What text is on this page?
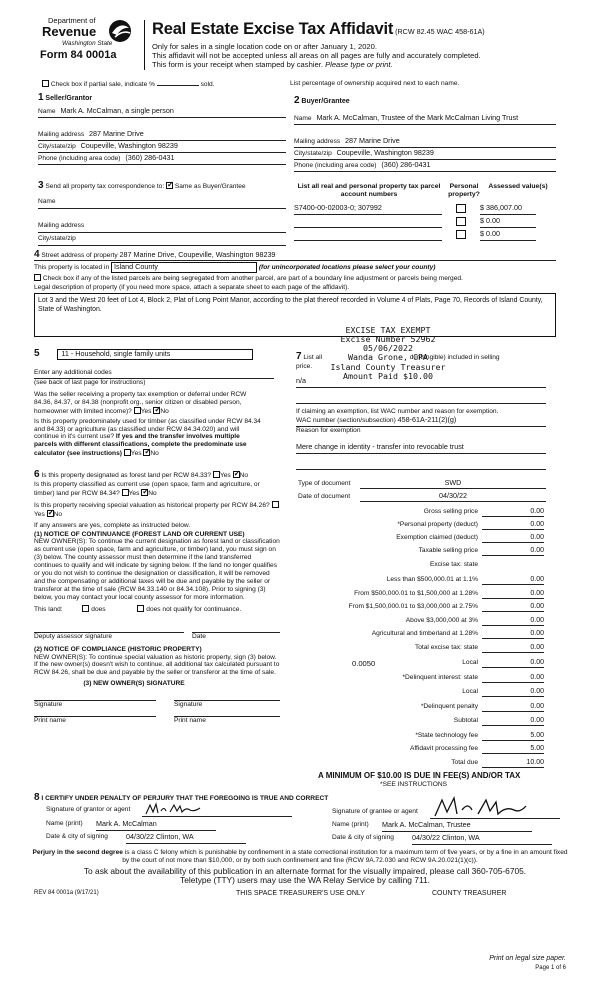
Department of
Revenue
Washington State
Form 84 0001a
Real Estate Excise Tax Affidavit (RCW 82.45 WAC 458-61A)
Only for sales in a single location code on or after January 1, 2020.
This affidavit will not be accepted unless all areas on all pages are fully and accurately completed.
This form is your receipt when stamped by cashier. Please type or print.
Check box if partial sale, indicate %	sold.	List percentage of ownership acquired next to each name.
1 Seller/Grantor
Name Mark A. McCalman, a single person
Mailing address 287 Marine Drive
City/state/zip Coupeville, Washington 98239
Phone (including area code) (360) 286-0431
2 Buyer/Grantee
Name Mark A. McCalman, Trustee of the Mark McCalman Living Trust
Mailing address 287 Marine Drive
City/state/zip Coupeville, Washington 98239
Phone (including area code) (360) 286-0431
3 Send all property tax correspondence to: ✓ Same as Buyer/Grantee
Name
Mailing address
City/state/zip
List all real and personal property tax parcel account numbers
Personal property?
Assessed value(s)
S7400-00-02003-0; 307992	$ 386,007.00
$ 0.00
$ 0.00
4 Street address of property 287 Marine Drive, Coupeville, Washington 98239
This property is located in Island County	(for unincorporated locations please select your county)
Check box if any of the listed parcels are being segregated from another parcel, are part of a boundary line adjustment or parcels being merged.
Legal description of property (if you need more space, attach a separate sheet to each page of the affidavit).
Lot 3 and the West 20 feet of Lot 4, Block 2, Plat of Long Point Manor, according to the plat thereof recorded in Volume 4 of Plats, Page 70, Records of Island County, State of Washington.
EXCISE TAX EXEMPT
Excise Number 52962
05/06/2022
Wanda Grone, CPA
Island County Treasurer
Amount Paid $10.00
5	11 - Household, single family units
Enter any additional codes
(see back of last page for instructions)
Was the seller receiving a property tax exemption or deferral under RCW 84.36, 84.37, or 84.38 (nonprofit org., senior citizen or disabled person, homeowner with limited income)? Yes ✓ No
Is this property predominately used for timber (as classified under RCW 84.34 and 84.33) or agriculture (as classified under RCW 84.34.020) and will continue in it's current use? If yes and the transfer involves multiple parcels with different classifications, complete the predominate use calculator (see instructions) Yes ✓ No
6 Is this property designated as forest land per RCW 84.33? Yes ✓ No
Is this property classified as current use (open space, farm and agriculture, or timber) land per RCW 84.34? Yes ✓ No
Is this property receiving special valuation as historical property per RCW 84.26? Yes ✓ No
If any answers are yes, complete as instructed below.
(1) NOTICE OF CONTINUANCE (FOREST LAND OR CURRENT USE)
NEW OWNER(S): To continue the current designation as forest land or classification as current use (open space, farm and agriculture, or timber) land, you must sign on (3) below. The county assessor must then determine if the land transferred continues to qualify and will indicate by signing below. If the land no longer qualifies or you do not wish to continue the designation or classification, it will be removed and the compensating or additional taxes will be due and payable by the seller or transferor at the time of sale (RCW 84.33.140 or 84.34.108). Prior to signing (3) below, you may contact your local county assessor for more information.
This land:	does	does not qualify for continuance.
Deputy assessor signature	Date
(2) NOTICE OF COMPLIANCE (HISTORIC PROPERTY)
NEW OWNER(S): To continue special valuation as historic property, sign (3) below. If the new owner(s) doesn't wish to continue, all additional tax calculated pursuant to RCW 84.26, shall be due and payable by the seller or transferor at the time of sale.
(3) NEW OWNER(S) SIGNATURE
Signature	Signature
Print name	Print name
7 List all	d intangible) included in selling
price.
n/a
If claiming an exemption, list WAC number and reason for exemption.
WAC number (section/subsection) 458-61A-211(2)(g)
Reason for exemption
Mere change in identity - transfer into revocable trust
Type of document	SWD
Date of document	04/30/22
Gross selling price	0.00
*Personal property (deduct)	0.00
Exemption claimed (deduct)	0.00
Taxable selling price	0.00
Excise tax: state
Less than $500,000.01 at 1.1%	0.00
From $500,000.01 to $1,500,000 at 1.28%	0.00
From $1,500,000.01 to $3,000,000 at 2.75%	0.00
Above $3,000,000 at 3%	0.00
Agricultural and timberland at 1.28%	0.00
Total excise tax: state	0.00
0.0050	Local	0.00
*Delinquent interest: state	0.00
Local	0.00
*Delinquent penalty	0.00
Subtotal	0.00
*State technology fee	5.00
Affidavit processing fee	5.00
Total due	10.00
A MINIMUM OF $10.00 IS DUE IN FEE(S) AND/OR TAX
*SEE INSTRUCTIONS
8 I CERTIFY UNDER PENALTY OF PERJURY THAT THE FOREGOING IS TRUE AND CORRECT
Signature of grantor or agent
Name (print) Mark A. McCalman
Date & city of signing	04/30/22 Clinton, WA
Signature of grantee or agent
Name (print) Mark A. McCalman, Trustee
Date & city of signing	04/30/22 Clinton, WA
Perjury in the second degree is a class C felony which is punishable by confinement in a state correctional institution for a maximum term of five years, or by a fine in an amount fixed by the court of not more than $10,000, or by both such confinement and fine (RCW 9A.72.030 and RCW 9A.20.021(1)(c)).
To ask about the availability of this publication in an alternate format for the visually impaired, please call 360-705-6705. Teletype (TTY) users may use the WA Relay Service by calling 711.
REV 84 0001a (9/17/21)	THIS SPACE TREASURER'S USE ONLY	COUNTY TREASURER
Print on legal size paper.
Page 1 of 6
